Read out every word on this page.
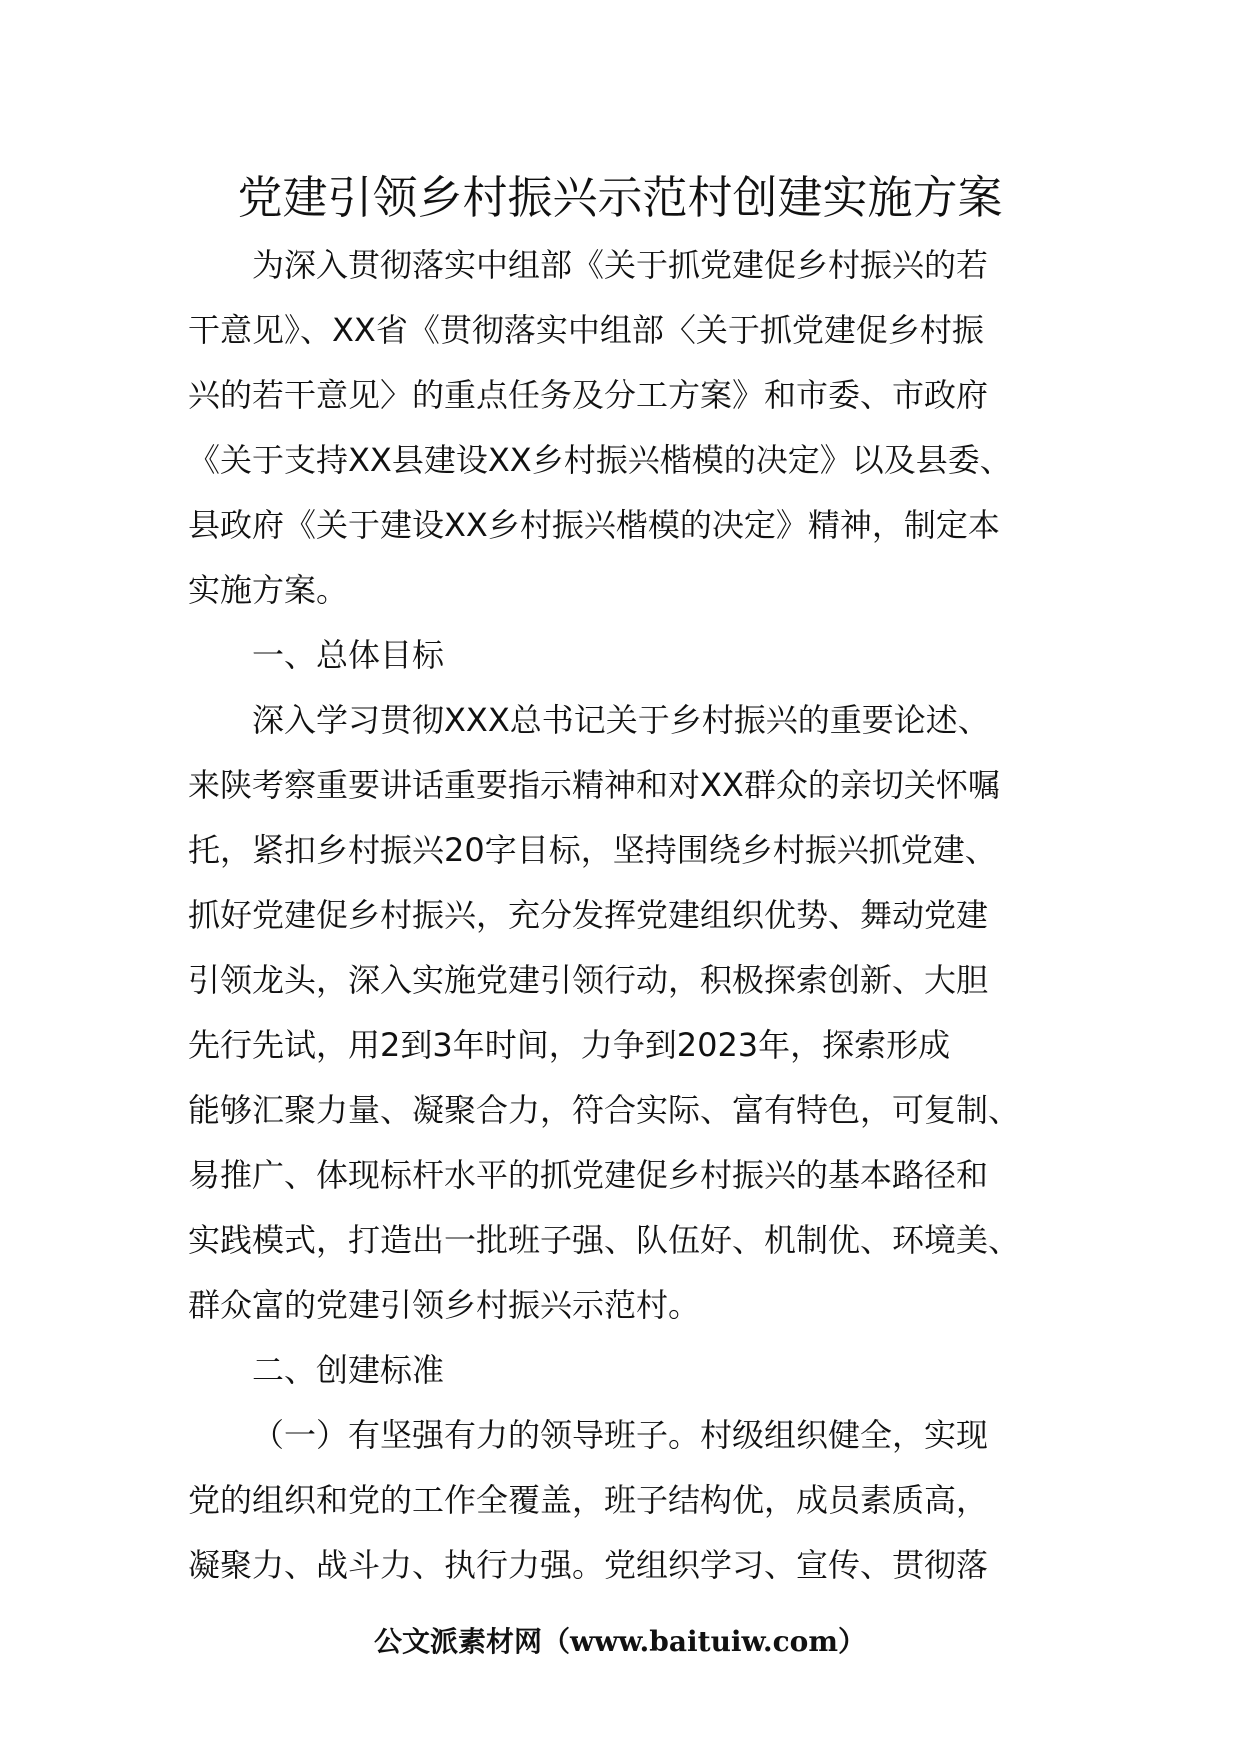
党建引领乡村振兴示范村创建实施方案
为深入贯彻落实中组部《关于抓党建促乡村振兴的若
干意见》、XX省《贯彻落实中组部〈关于抓党建促乡村振
兴的若干意见〉的重点任务及分工方案》和市委、市政府
《关于支持XX县建设XX乡村振兴楷模的决定》以及县委、
县政府《关于建设XX乡村振兴楷模的决定》精神，制定本
实施方案。
一、总体目标
深入学习贯彻XXX总书记关于乡村振兴的重要论述、
来陕考察重要讲话重要指示精神和对XX群众的亲切关怀嘱
托，紧扣乡村振兴20字目标，坚持围绕乡村振兴抓党建、
抓好党建促乡村振兴，充分发挥党建组织优势、舞动党建
引领龙头，深入实施党建引领行动，积极探索创新、大胆
先行先试，用2到3年时间，力争到2023年，探索形成
能够汇聚力量、凝聚合力，符合实际、富有特色，可复制、
易推广、体现标杆水平的抓党建促乡村振兴的基本路径和
实践模式，打造出一批班子强、队伍好、机制优、环境美、
群众富的党建引领乡村振兴示范村。
二、创建标准
（一）有坚强有力的领导班子。村级组织健全，实现
党的组织和党的工作全覆盖，班子结构优，成员素质高，
凝聚力、战斗力、执行力强。党组织学习、宣传、贯彻落
公文派素材网（www.baituiw.com）
